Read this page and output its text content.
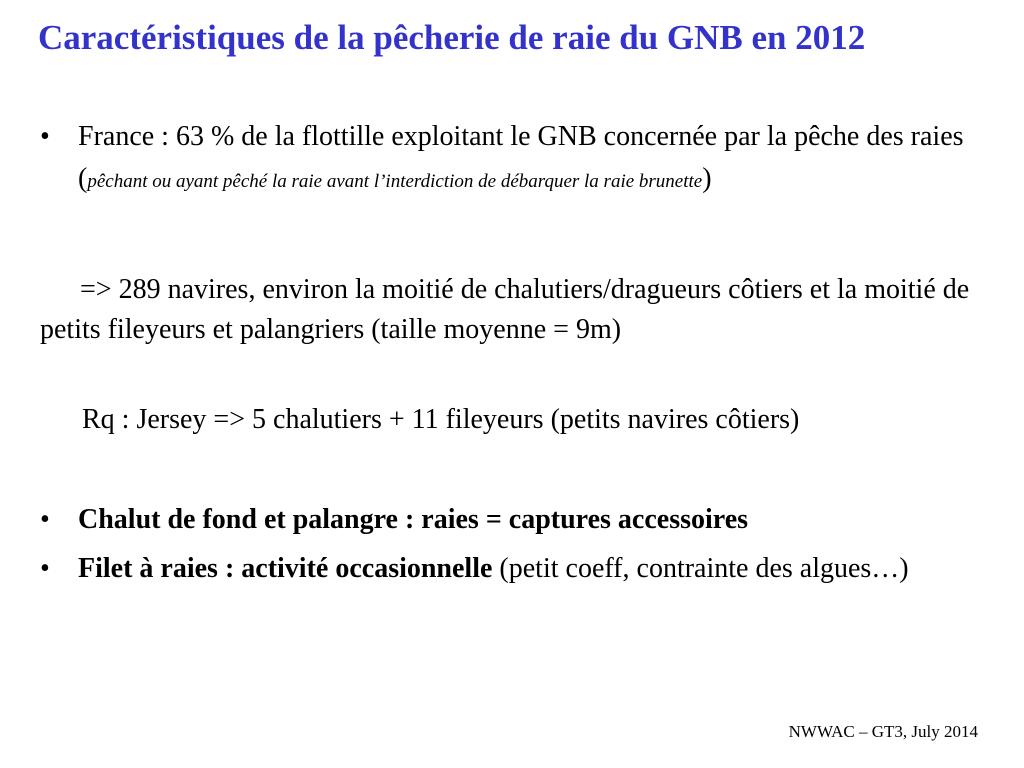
Caractéristiques de la pêcherie de raie du GNB en 2012
• France : 63 % de la flottille exploitant le GNB concernée par la pêche des raies (pêchant ou ayant pêché la raie avant l’interdiction de débarquer la raie brunette)
=> 289 navires, environ la moitié de chalutiers/dragueurs côtiers et la moitié de petits fileyeurs et palangriers (taille moyenne = 9m)
Rq : Jersey => 5 chalutiers + 11 fileyeurs (petits navires côtiers)
• Chalut de fond et palangre : raies = captures accessoires
• Filet à raies : activité occasionnelle (petit coeff, contrainte des algues…)
NWWAC – GT3, July 2014
